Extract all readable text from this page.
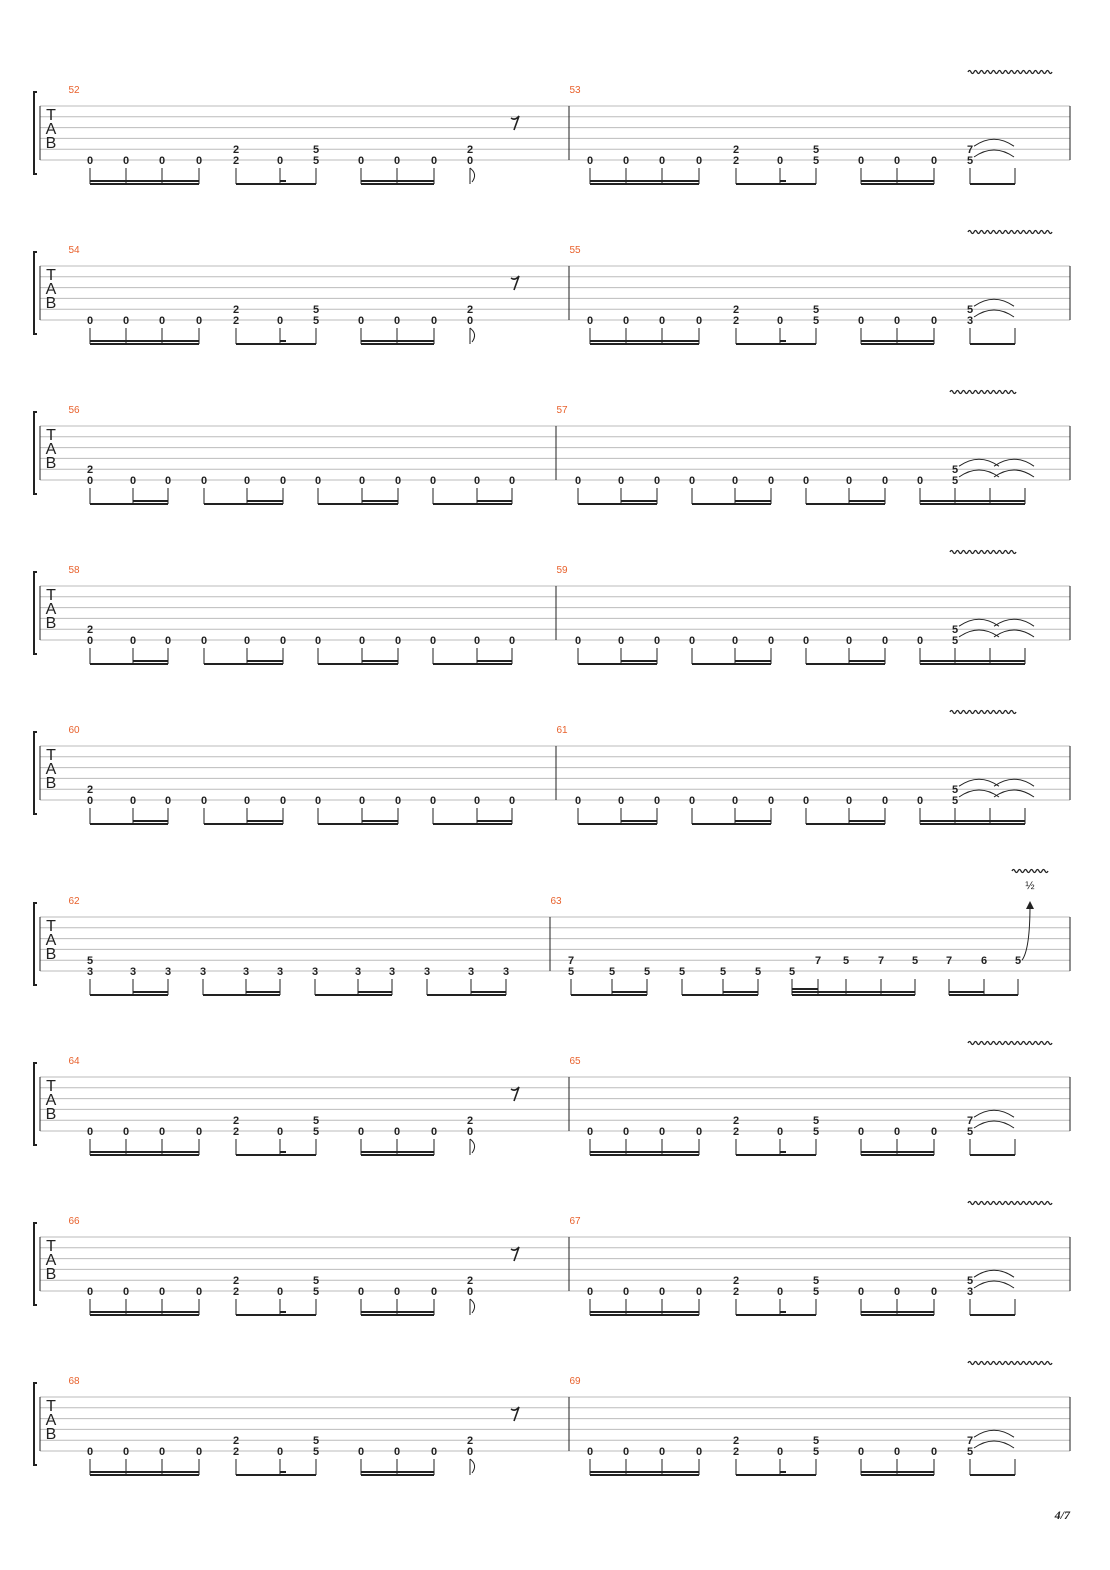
T
A
B
52	53
0	0	0	0
2
2	0
5
5	0	0	0
2
0	0	0	0	0
2
2	0
5
5	0	0	0
7
5
T
A
B
54	55
0	0	0	0
2
2	0
5
5	0	0	0
2
0	0	0	0	0
2
2	0
5
5	0	0	0
5
3
T
A
B
56	57
2
0	0	0	0	0	0	0	0	0	0	0	0	0	0	0	0	0	0	0	0	0	0
5
5
T
A
B
58	59
2
0	0	0	0	0	0	0	0	0	0	0	0	0	0	0	0	0	0	0	0	0	0
5
5
T
A
B
60	61
2
0	0	0	0	0	0	0	0	0	0	0	0	0	0	0	0	0	0	0	0	0	0
5
5
T
A
B
62	63
5
3	3	3	3	3	3	3	3	3	3	3	3
7
5	5	5	5	5	5	5
7 5	7	5	7	6	5
½
T
A
B
64	65
0	0	0	0
2
2	0
5
5	0	0	0
2
0	0	0	0	0
2
2	0
5
5	0	0	0
7
5
T
A
B
66	67
0	0	0	0
2
2	0
5
5	0	0	0
2
0	0	0	0	0
2
2	0
5
5	0	0	0
5
3
T
A
B
68	69
0	0	0	0
2
2	0
5
5	0	0	0
2
0	0	0	0	0
2
2	0
5
5	0	0	0
7
5
4/7
